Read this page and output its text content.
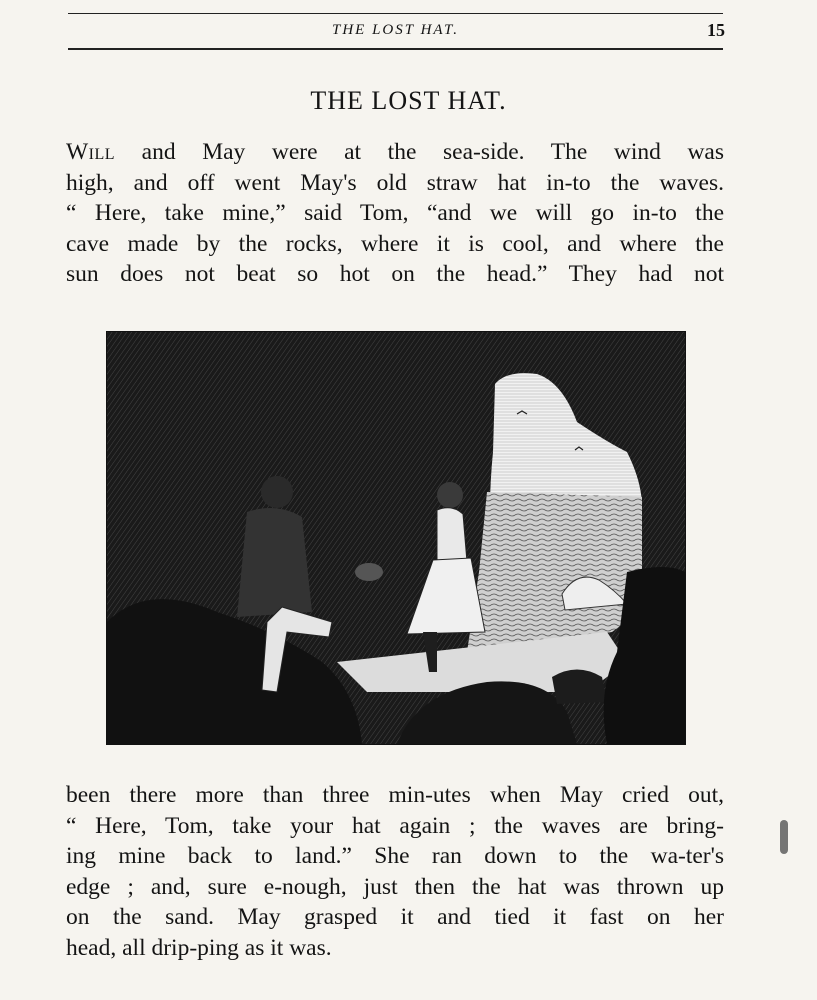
THE LOST HAT.	15
THE LOST HAT.
Will and May were at the sea-side. The wind was
high, and off went May's old straw hat in-to the waves.
“ Here, take mine,” said Tom, “and we will go in-to the
cave made by the rocks, where it is cool, and where the
sun does not beat so hot on the head.” They had not
been there more than three min-utes when May cried out,
“ Here, Tom, take your hat again ; the waves are bring-
ing mine back to land.” She ran down to the wa-ter's
edge ; and, sure e-nough, just then the hat was thrown up
on the sand. May grasped it and tied it fast on her
head, all drip-ping as it was.
